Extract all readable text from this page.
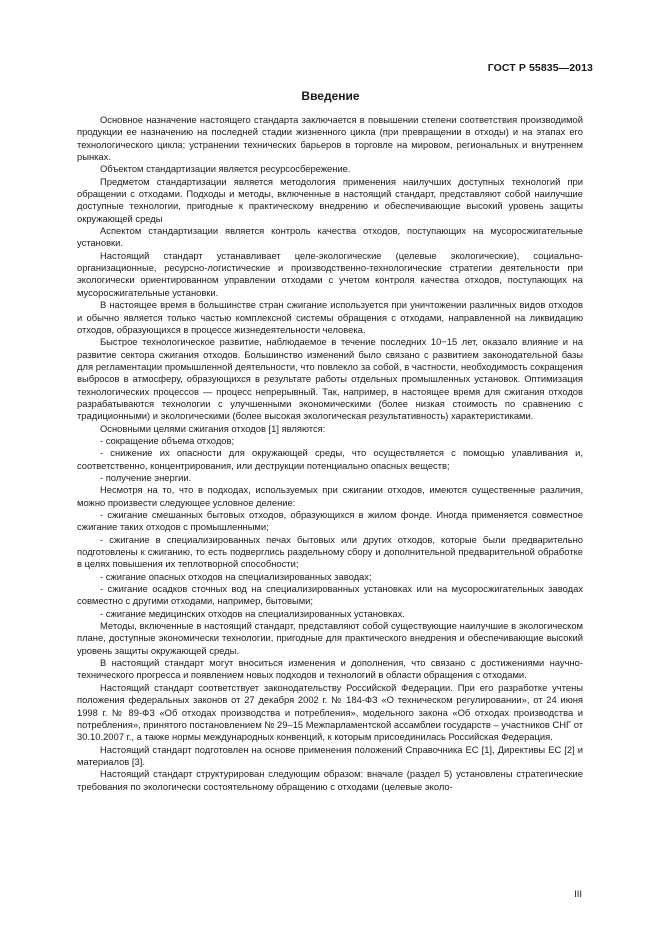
ГОСТ Р 55835—2013
Введение

Основное назначение настоящего стандарта заключается в повышении степени соответствия производимой продукции ее назначению на последней стадии жизненного цикла (при превращении в отходы) и на этапах его технологического цикла; устранении технических барьеров в торговле на мировом, региональных и внутреннем рынках.

Объектом стандартизации является ресурсосбережение.

Предметом стандартизации является методология применения наилучших доступных технологий при обращении с отходами. Подходы и методы, включенные в настоящий стандарт, представляют собой наилучшие доступные технологии, пригодные к практическому внедрению и обеспечивающие высокий уровень защиты окружающей среды

Аспектом стандартизации является контроль качества отходов, поступающих на мусоросжигательные установки.

Настоящий стандарт устанавливает целе-экологические (целевые экологические), социально-организационные, ресурсно-логистические и производственно-технологические стратегии деятельности при экологически ориентированном управлении отходами с учетом контроля качества отходов, поступающих на мусоросжигательные установки.

В настоящее время в большинстве стран сжигание используется при уничтожении различных видов отходов и обычно является только частью комплексной системы обращения с отходами, направленной на ликвидацию отходов, образующихся в процессе жизнедеятельности человека.

Быстрое технологическое развитие, наблюдаемое в течение последних 10−15 лет, оказало влияние и на развитие сектора сжигания отходов. Большинство изменений было связано с развитием законодательной базы для регламентации промышленной деятельности, что повлекло за собой, в частности, необходимость сокращения выбросов в атмосферу, образующихся в результате работы отдельных промышленных установок. Оптимизация технологических процессов — процесс непрерывный. Так, например, в настоящее время для сжигания отходов разрабатываются технологии с улучшенными экономическими (более низкая стоимость по сравнению с традиционными) и экологическими (более высокая экологическая результативность) характеристиками.

Основными целями сжигания отходов [1] являются:

- сокращение объема отходов;

- снижение их опасности для окружающей среды, что осуществляется с помощью улавливания и, соответственно, концентрирования, или деструкции потенциально опасных веществ;

- получение энергии.

Несмотря на то, что в подходах, используемых при сжигании отходов, имеются существенные различия, можно произвести следующее условное деление:

- сжигание смешанных бытовых отходов, образующихся в жилом фонде. Иногда применяется совместное сжигание таких отходов с промышленными;

- сжигание в специализированных печах бытовых или других отходов, которые были предварительно подготовлены к сжиганию, то есть подверглись раздельному сбору и дополнительной предварительной обработке в целях повышения их теплотворной способности;

- сжигание опасных отходов на специализированных заводах;

- сжигание осадков сточных вод на специализированных установках или на мусоросжигательных заводах совместно с другими отходами, например, бытовыми;

- сжигание медицинских отходов на специализированных установках.

Методы, включенные в настоящий стандарт, представляют собой существующие наилучшие в экологическом плане, доступные экономически технологии, пригодные для практического внедрения и обеспечивающие высокий уровень защиты окружающей среды.

В настоящий стандарт могут вноситься изменения и дополнения, что связано с достижениями научно-технического прогресса и появлением новых подходов и технологий в области обращения с отходами.

Настоящий стандарт соответствует законодательству Российской Федерации. При его разработке учтены положения федеральных законов от 27 декабря 2002 г. № 184-ФЗ «О техническом регулировании», от 24 июня 1998 г. № 89-ФЗ «Об отходах производства и потребления», модельного закона «Об отходах производства и потребления», принятого постановлением № 29–15 Межпарламентской ассамблеи государств – участников СНГ от 30.10.2007 г., а также нормы международных конвенций, к которым присоединилась Российская Федерация.

Настоящий стандарт подготовлен на основе применения положений Справочника ЕС [1], Директивы ЕС [2] и материалов [3].

Настоящий стандарт структурирован следующим образом: вначале (раздел 5) установлены стратегические требования по экологически состоятельному обращению с отходами (целевые эколо-

III
